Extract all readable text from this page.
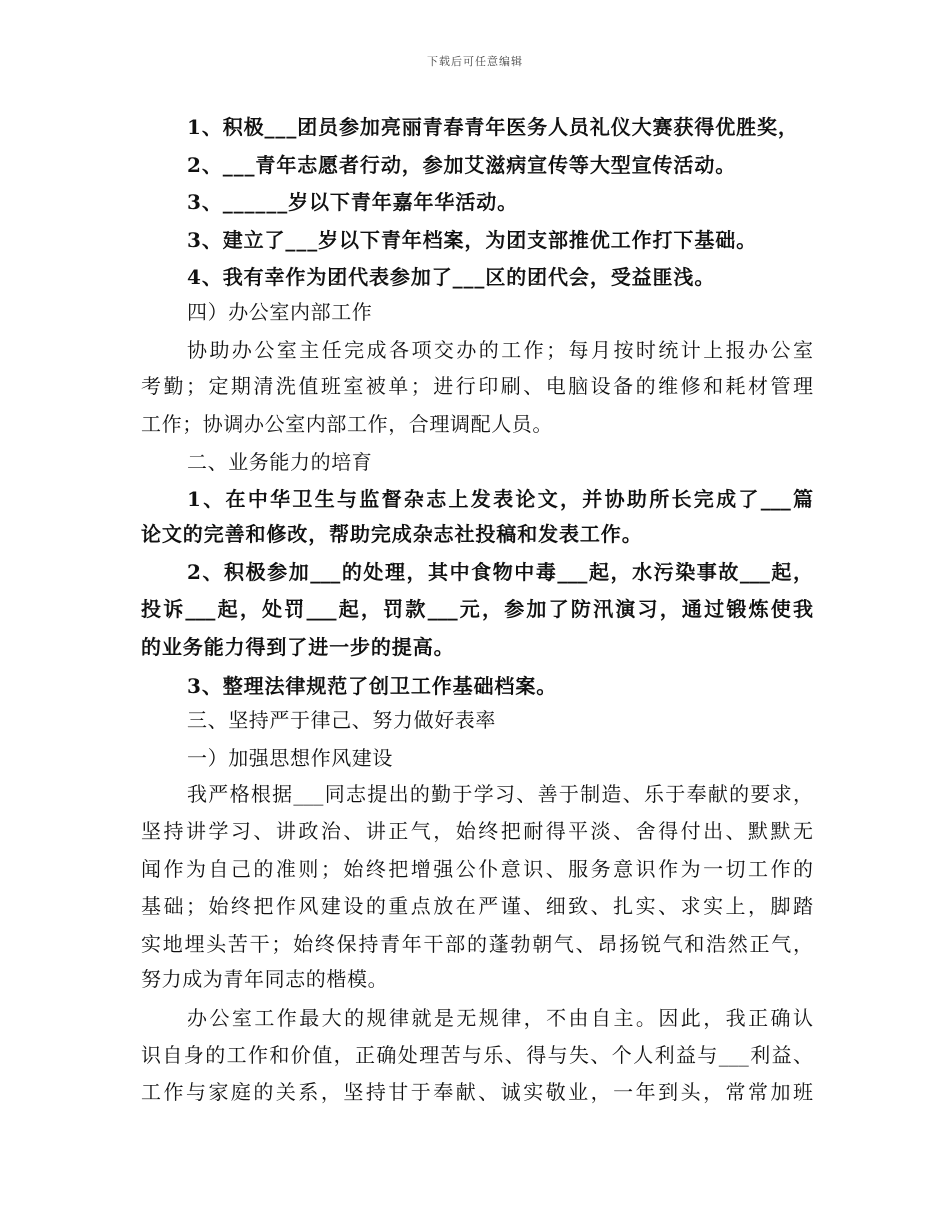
下载后可任意编辑
1、积极___团员参加亮丽青春青年医务人员礼仪大赛获得优胜奖，
2、___青年志愿者行动，参加艾滋病宣传等大型宣传活动。
3、______岁以下青年嘉年华活动。
3、建立了___岁以下青年档案，为团支部推优工作打下基础。
4、我有幸作为团代表参加了___区的团代会，受益匪浅。
四）办公室内部工作
协助办公室主任完成各项交办的工作；每月按时统计上报办公室
考勤；定期清洗值班室被单；进行印刷、电脑设备的维修和耗材管理
工作；协调办公室内部工作，合理调配人员。
二、业务能力的培育
1、在中华卫生与监督杂志上发表论文，并协助所长完成了___篇
论文的完善和修改，帮助完成杂志社投稿和发表工作。
2、积极参加___的处理，其中食物中毒___起，水污染事故___起，
投诉___起，处罚___起，罚款___元，参加了防汛演习，通过锻炼使我
的业务能力得到了进一步的提高。
3、整理法律规范了创卫工作基础档案。
三、坚持严于律己、努力做好表率
一）加强思想作风建设
我严格根据___同志提出的勤于学习、善于制造、乐于奉献的要求，
坚持讲学习、讲政治、讲正气，始终把耐得平淡、舍得付出、默默无
闻作为自己的准则；始终把增强公仆意识、服务意识作为一切工作的
基础；始终把作风建设的重点放在严谨、细致、扎实、求实上，脚踏
实地埋头苦干；始终保持青年干部的蓬勃朝气、昂扬锐气和浩然正气，
努力成为青年同志的楷模。
办公室工作最大的规律就是无规律，不由自主。因此，我正确认
识自身的工作和价值，正确处理苦与乐、得与失、个人利益与___利益、
工作与家庭的关系，坚持甘于奉献、诚实敬业，一年到头，常常加班
